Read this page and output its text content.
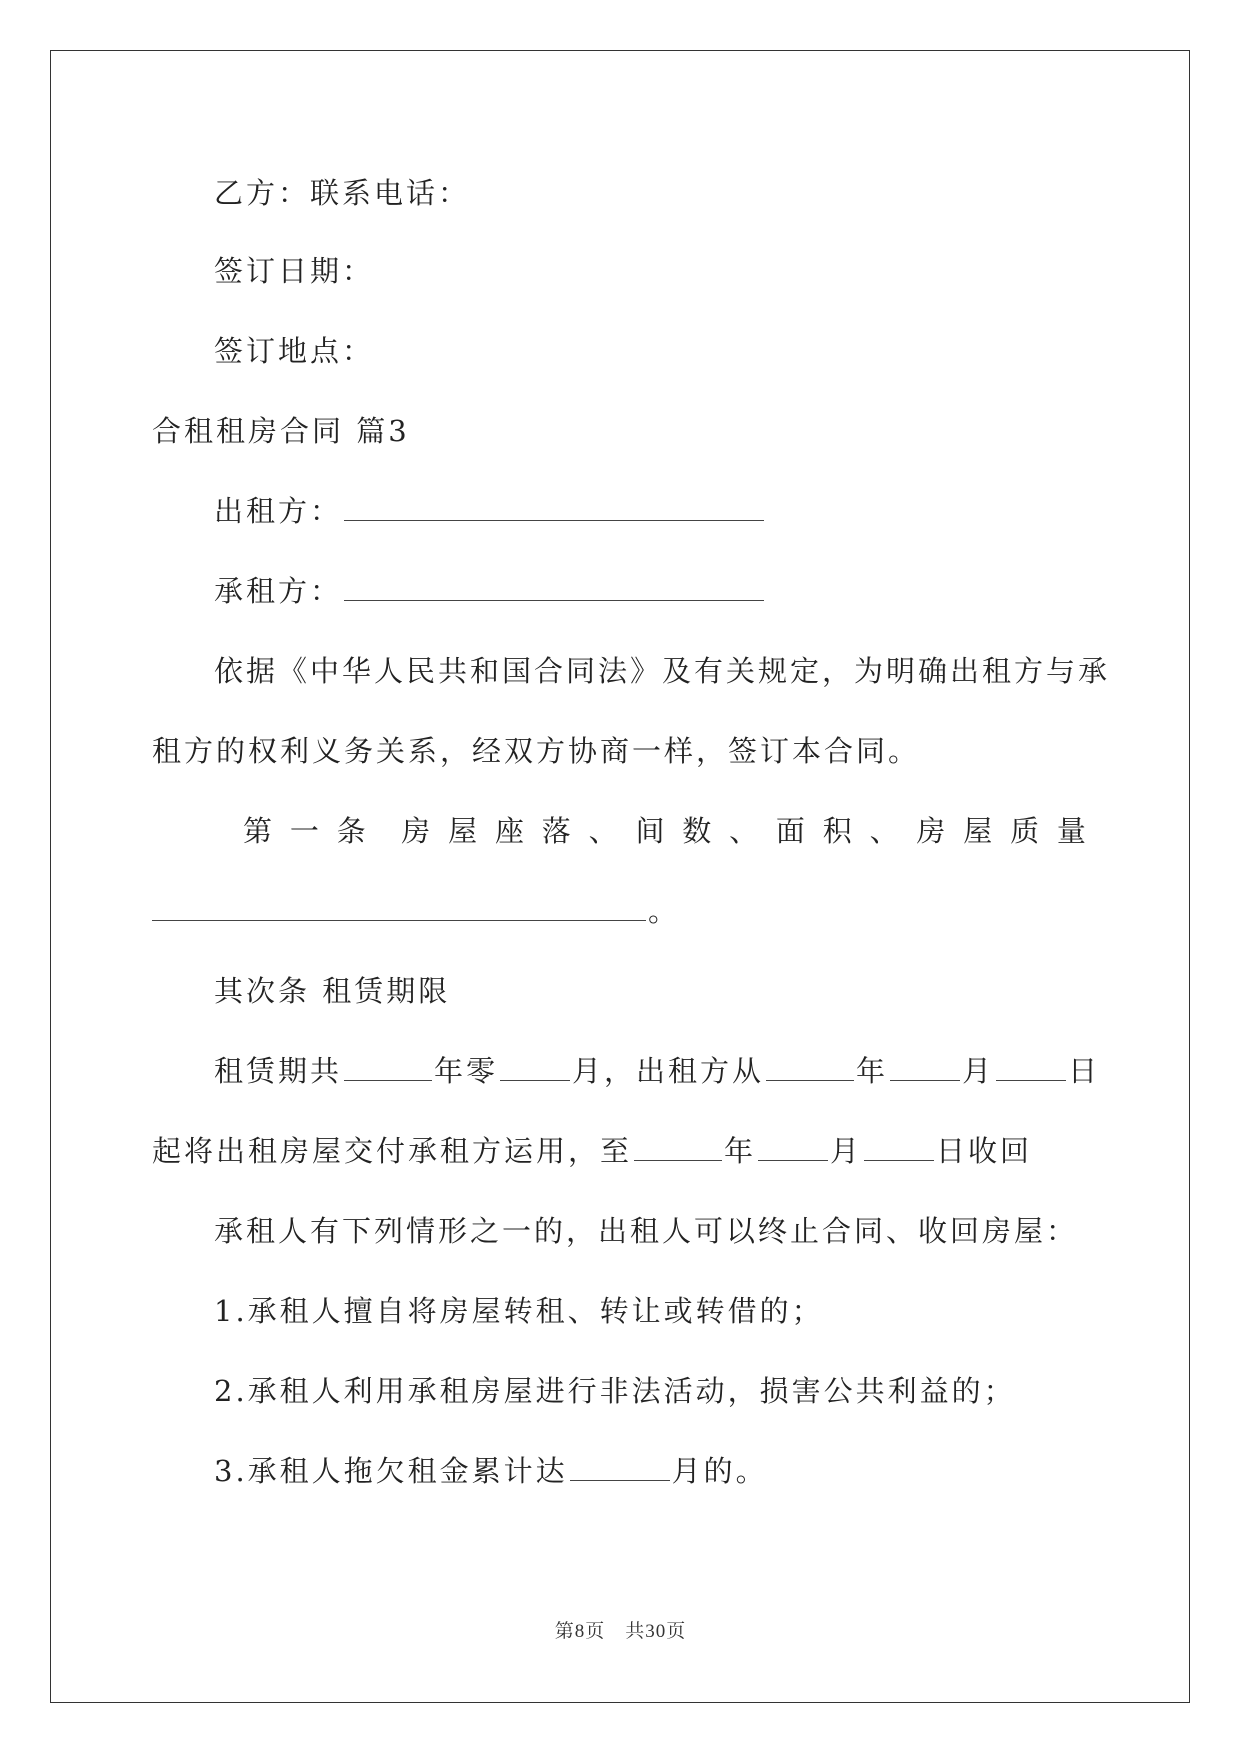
乙方：联系电话：
签订日期：
签订地点：
合租租房合同 篇3
出租方：
承租方：
依据《中华人民共和国合同法》及有关规定，为明确出租方与承
租方的权利义务关系，经双方协商一样，签订本合同。
第 一 条 房 屋 座 落 、 间 数 、 面 积 、 房 屋 质 量
。
其次条 租赁期限
租赁期共	年零	月，出租方从	年	月	日
起将出租房屋交付承租方运用，至	年	月	日收回
承租人有下列情形之一的，出租人可以终止合同、收回房屋：
1.承租人擅自将房屋转租、转让或转借的；
2.承租人利用承租房屋进行非法活动，损害公共利益的；
3.承租人拖欠租金累计达	月的。
第8页　共30页
